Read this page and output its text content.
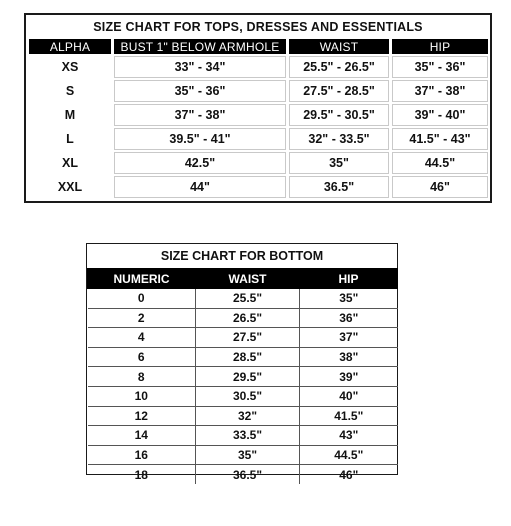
SIZE CHART FOR TOPS, DRESSES AND ESSENTIALS
ALPHA	BUST 1" BELOW ARMHOLE	WAIST	HIP
XS	33" - 34"	25.5" - 26.5"	35" - 36"
S	35" - 36"	27.5" - 28.5"	37" - 38"
M	37" - 38"	29.5" - 30.5"	39" - 40"
L	39.5" - 41"	32" - 33.5"	41.5" - 43"
XL	42.5"	35"	44.5"
XXL	44"	36.5"	46"
SIZE CHART FOR BOTTOM
NUMERIC	WAIST	HIP
0	25.5"	35"
2	26.5"	36"
4	27.5"	37"
6	28.5"	38"
8	29.5"	39"
10	30.5"	40"
12	32"	41.5"
14	33.5"	43"
16	35"	44.5"
18	36.5"	46"
